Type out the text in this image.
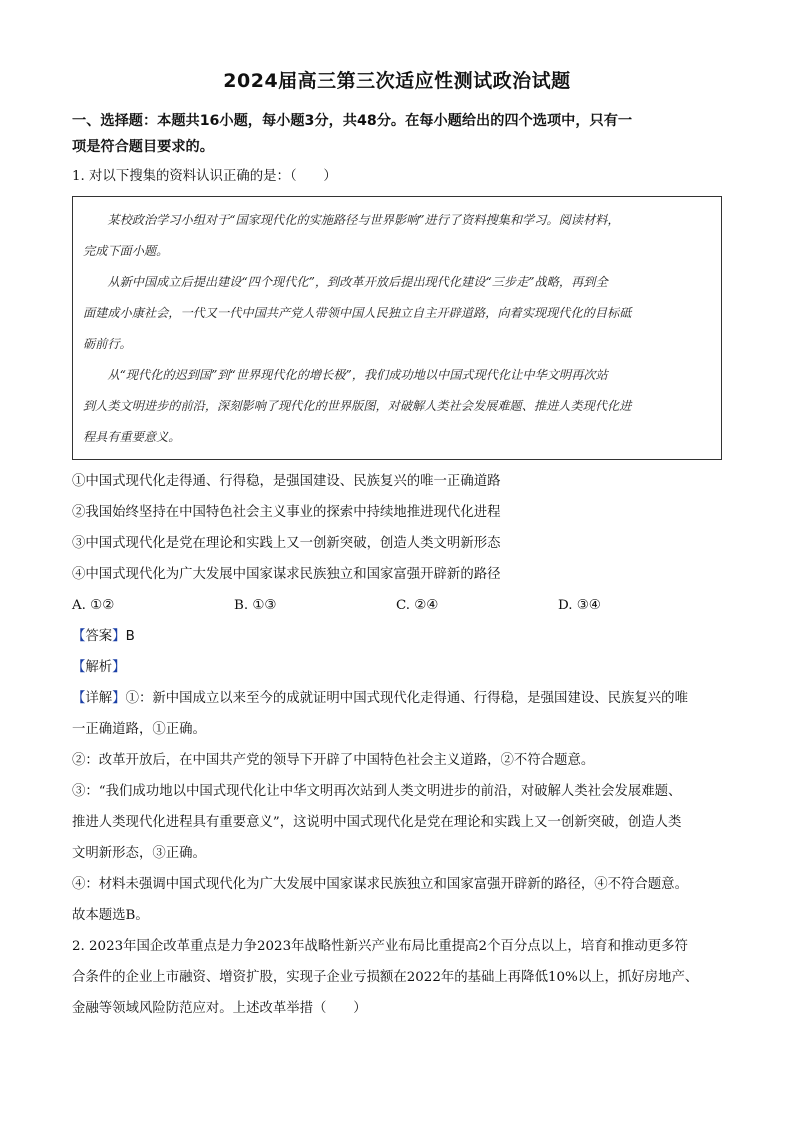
2024届高三第三次适应性测试政治试题

一、选择题：本题共16小题，每小题3分，共48分。在每小题给出的四个选项中，只有一

项是符合题目要求的。

1. 对以下搜集的资料认识正确的是：（　　）

某校政治学习小组对于“国家现代化的实施路径与世界影响”进行了资料搜集和学习。阅读材料，

完成下面小题。

从新中国成立后提出建设“四个现代化”，到改革开放后提出现代化建设“三步走”战略，再到全

面建成小康社会，一代又一代中国共产党人带领中国人民独立自主开辟道路，向着实现现代化的目标砥

砺前行。

从“现代化的迟到国”到“世界现代化的增长极”，我们成功地以中国式现代化让中华文明再次站

到人类文明进步的前沿，深刻影响了现代化的世界版图，对破解人类社会发展难题、推进人类现代化进

程具有重要意义。

①中国式现代化走得通、行得稳，是强国建设、民族复兴的唯一正确道路

②我国始终坚持在中国特色社会主义事业的探索中持续地推进现代化进程

③中国式现代化是党在理论和实践上又一创新突破，创造人类文明新形态

④中国式现代化为广大发展中国家谋求民族独立和国家富强开辟新的路径

A. ①②	B. ①③	C. ②④	D. ③④

【答案】B

【解析】

【详解】①：新中国成立以来至今的成就证明中国式现代化走得通、行得稳，是强国建设、民族复兴的唯

一正确道路，①正确。

②：改革开放后，在中国共产党的领导下开辟了中国特色社会主义道路，②不符合题意。

③：“我们成功地以中国式现代化让中华文明再次站到人类文明进步的前沿，对破解人类社会发展难题、

推进人类现代化进程具有重要意义”，这说明中国式现代化是党在理论和实践上又一创新突破，创造人类

文明新形态，③正确。

④：材料未强调中国式现代化为广大发展中国家谋求民族独立和国家富强开辟新的路径，④不符合题意。

故本题选B。

2. 2023年国企改革重点是力争2023年战略性新兴产业布局比重提高2个百分点以上，培育和推动更多符

合条件的企业上市融资、增资扩股，实现子企业亏损额在2022年的基础上再降低10%以上，抓好房地产、

金融等领域风险防范应对。上述改革举措（　　）
